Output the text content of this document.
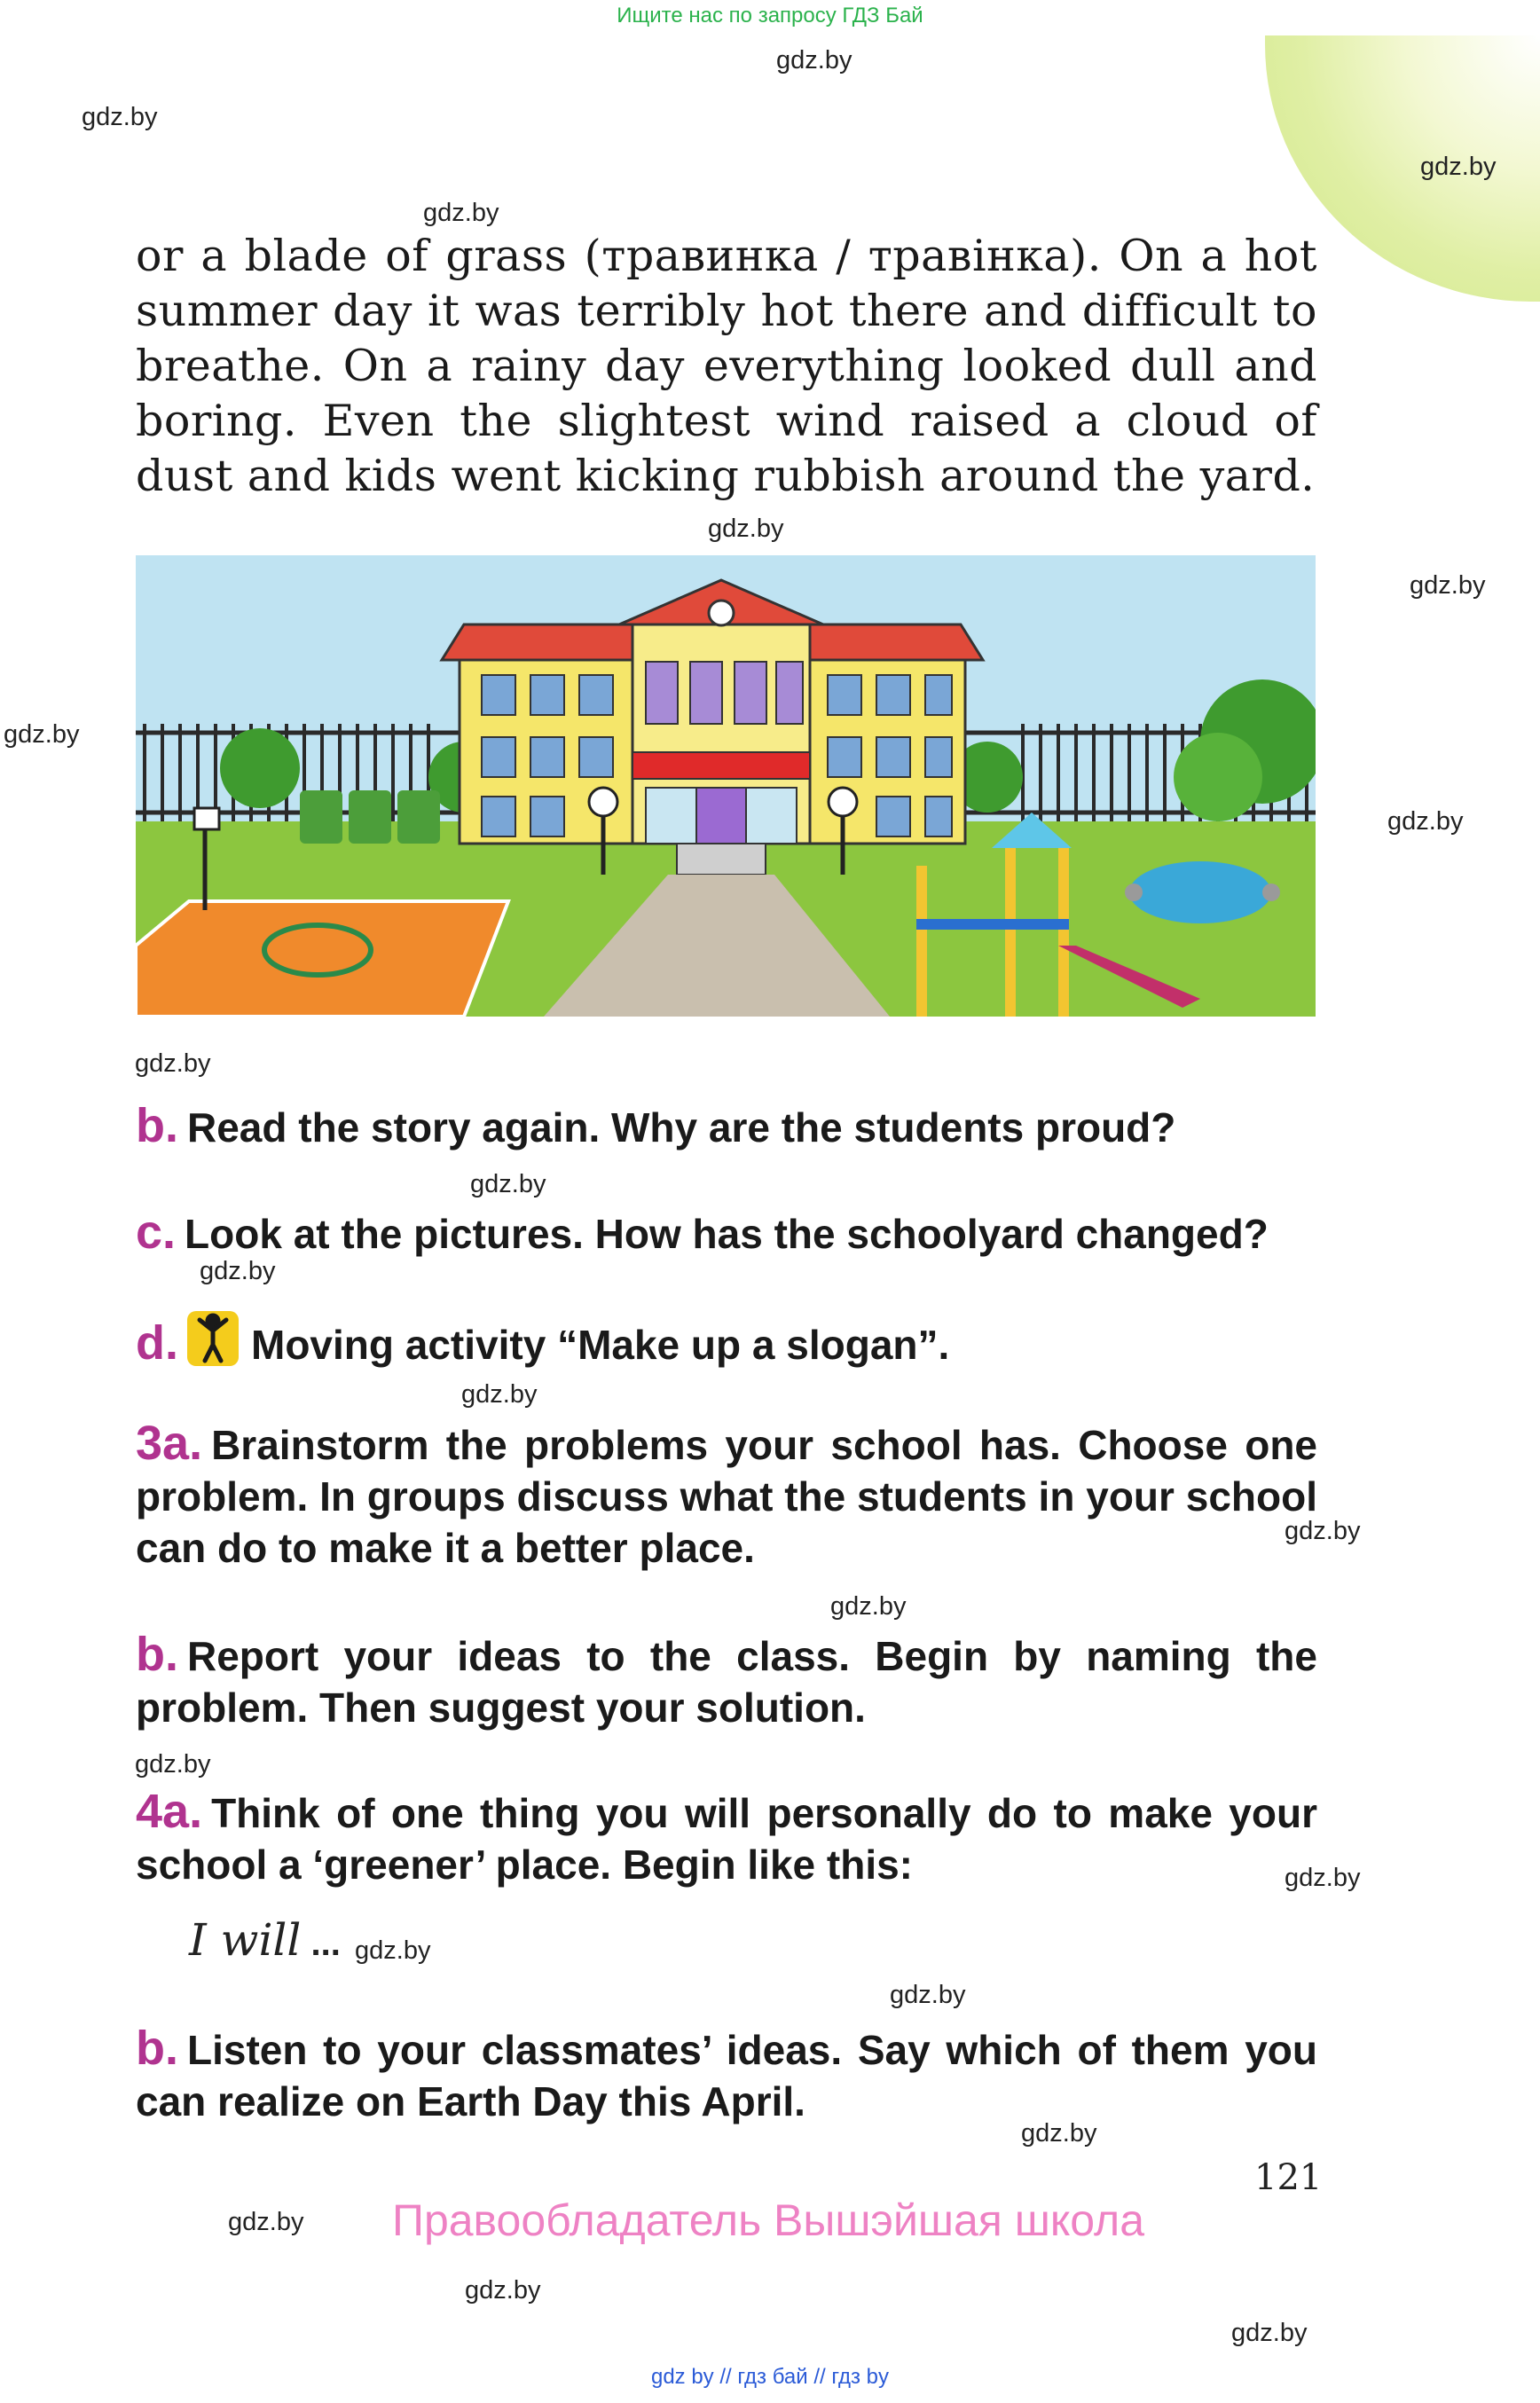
Ищите нас по запросу ГДЗ Бай
gdz.by
gdz.by
gdz.by
gdz.by
gdz.by
gdz.by
gdz.by
gdz.by
gdz.by
gdz.by
gdz.by
gdz.by
gdz.by
gdz.by
gdz.by
gdz.by
gdz.by
gdz.by
gdz.by
gdz.by
gdz.by
gdz.by

or a blade of grass (травинка / травінка). On a hot summer day it was terribly hot there and difficult to breathe. On a rainy day everything looked dull and boring. Even the slightest wind raised a cloud of dust and kids went kicking rubbish around the yard.

b. Read the story again. Why are the students proud?

c. Look at the pictures. How has the schoolyard changed?

d. Moving activity “Make up a slogan”.

3a. Brainstorm the problems your school has. Choose one problem. In groups discuss what the students in your school can do to make it a better place.

b. Report your ideas to the class. Begin by naming the problem. Then suggest your solution.

4a. Think of one thing you will personally do to make your school a ‘greener’ place. Begin like this:

I will ...

b. Listen to your classmates’ ideas. Say which of them you can realize on Earth Day this April.

121
Правообладатель Вышэйшая школа
gdz by // гдз бай // гдз by
